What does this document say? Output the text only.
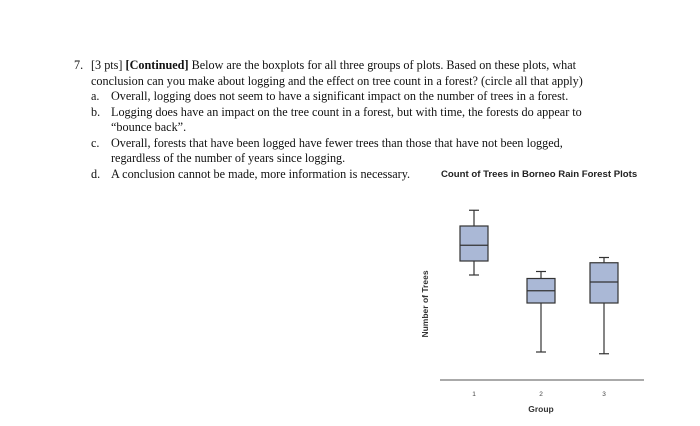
7. [3 pts] [Continued] Below are the boxplots for all three groups of plots. Based on these plots, what
conclusion can you make about logging and the effect on tree count in a forest? (circle all that apply)
a. Overall, logging does not seem to have a significant impact on the number of trees in a forest.
b. Logging does have an impact on the tree count in a forest, but with time, the forests do appear to
“bounce back”.
c. Overall, forests that have been logged have fewer trees than those that have not been logged,
regardless of the number of years since logging.
d. A conclusion cannot be made, more information is necessary.	Count of Trees in Borneo Rain Forest Plots
Number of Trees
Group
1	2	3
